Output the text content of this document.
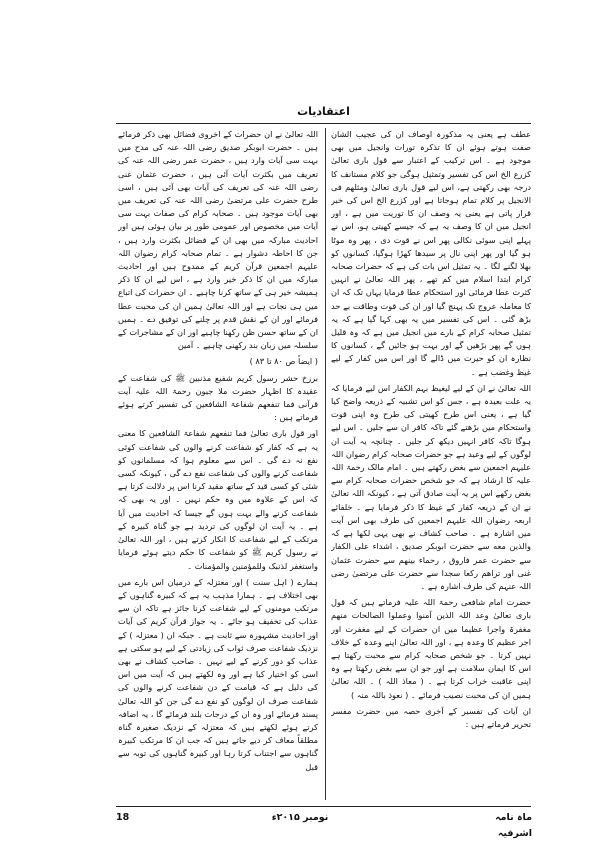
اعتقادیات

عطف ہے یعنی یہ مذکورہ اوصاف ان کی عجیب الشان صفت ہوتے ہوئے ان کا تذکرہ تورات وانجیل میں بھی موجود ہے ۔ اس ترکیب کے اعتبار سے قول باری تعالیٰ کزرع الخ اس کی تفسیر وتمثیل ہوگی جو کلام مستانف کا درجہ بھی رکھتی ہے، اس لیے قول باری تعالیٰ ومثلهم فی الانجیل پر کلام تمام ہوجاتا ہے اور کزرع الخ اس کی خبر قرار پاتی ہے یعنی یہ وصف ان کا توریت میں ہے ، اور انجیل میں ان کا وصف یہ ہے کہ جیسے کھیتی ہو، اس نے پہلے اپنی سوئی نکالی پھر اس نے قوت دی ، پھر وہ موٹا ہو گیا اور پھر اپنی نال پر سیدھا کھڑا ہوگیا، کسانوں کو بھلا لگنے لگا ۔ یہ تمثیل اس بات کی ہے کہ حضرات صحابہ کرام ابتدا اسلام میں کم تھے ، پھر اللہ تعالیٰ نے انہیں کثرت عطا فرمائی اور استحکام عطا فرمایا یہاں تک کہ ان کا معاملہ عروج تک پہنچ گیا اور ان کی قوت وطاقت بے حد بڑھ گئی ۔ اس کی تفسیر میں یہ بھی کہا گیا ہے کہ یہ تمثیل صحابہ کرام کے بارے میں انجیل میں ہے کہ وہ قلیل ہوں گے پھر بڑھیں گے اور بہت ہو جائیں گے ، کسانوں کا نظارہ ان کو حیرت میں ڈالے گا اور اس میں کفار کے لیے غیظ وغضب ہے ۔

اللہ تعالیٰ نے ان کے لیے لیغیظ بہم الکفار اس لیے فرمایا کہ یہ علت بعیدہ ہے ، جس کو اس تشبیہ کے ذریعہ واضح کیا گیا ہے ، یعنی اس طرح کھیتی کی طرح وہ اپنی قوت واستحکام میں بڑھتے گئے تاکہ کافر ان سے جلیں ۔ اس لیے ہوگا تاکہ کافر انہیں دیکھ کر جلیں ۔ چنانچہ یہ آیت ان لوگوں کے لیے وعید ہے جو حضرات صحابہ کرام رضوان اللہ علیہم اجمعین سے بغض رکھتے ہیں ۔ امام مالک رحمۃ اللہ علیہ کا ارشاد ہے کہ جو شخص حضرات صحابہ کرام سے بغض رکھے اس پر یہ آیت صادق آتی ہے ، کیونکہ اللہ تعالیٰ نے ان کے ذریعہ کفار کے غیظ کا ذکر فرمایا ہے ۔ خلفائے اربعہ رضوان اللہ علیہم اجمعین کی طرف بھی اس آیت میں اشارہ ہے ۔ صاحب کشاف نے بھی یہی لکھا ہے کہ والذین معه سے حضرت ابوبکر صدیق ، اشداء علی الکفار سے حضرت عمر فاروق ، رحماء بینهم سے حضرت عثمان غنی اور تراهم رکعا سجدا سے حضرت علی مرتضیٰ رضی اللہ عنہم کی طرف اشارہ ہے ۔

حضرت امام شافعی رحمۃ اللہ علیہ فرماتے ہیں کہ قول باری تعالیٰ وعد اللہ الذین آمنوا وعملوا الصالحات منهم مغفرۃ واجرا عظیما میں ان حضرات کے لیے مغفرت اور اجر عظیم کا وعدہ ہے ، اور اللہ تعالیٰ اپنے وعدہ کے خلاف نہیں کرتا ۔ جو شخص صحابہ کرام سے محبت رکھتا ہے اس کا ایمان سلامت ہے اور جو ان سے بغض رکھتا ہے وہ اپنی عاقبت خراب کرتا ہے ۔ ( معاذ اللہ ) ۔ اللہ تعالیٰ ہمیں ان کی محبت نصیب فرمائے ۔ ( نعوذ باللہ منہ )

ان آیات کی تفسیر کے آخری حصہ میں حضرت مفسر تحریر فرماتے ہیں :

اللہ تعالیٰ نے ان حضرات کے اخروی فضائل بھی ذکر فرمائے ہیں ۔ حضرت ابوبکر صدیق رضی اللہ عنہ کی مدح میں بہت سی آیات وارد ہیں ، حضرت عمر رضی اللہ عنہ کی تعریف میں بکثرت آیات آئی ہیں ، حضرت عثمان غنی رضی اللہ عنہ کی تعریف کی آیات بھی آئی ہیں ، اسی طرح حضرت علی مرتضیٰ رضی اللہ عنہ کی تعریف میں بھی آیات موجود ہیں ۔ صحابہ کرام کی صفات بہت سی آیات میں مخصوص اور عمومی طور پر بیان ہوئی ہیں اور احادیث مبارکہ میں بھی ان کے فضائل بکثرت وارد ہیں ، جن کا احاطہ دشوار ہے ۔ تمام صحابہ کرام رضوان اللہ علیہم اجمعین قرآن کریم کے ممدوح ہیں اور احادیث مبارکہ میں ان کا ذکر خیر وارد ہے ، اس لیے ان کا ذکر ہمیشہ خیر ہی کے ساتھ کرنا چاہیے ۔ ان حضرات کی اتباع میں ہی نجات ہے اور اللہ تعالیٰ ہمیں ان کی محبت عطا فرمائے اور ان کے نقش قدم پر چلنے کی توفیق دے ۔ ہمیں ان کے ساتھ حسن ظن رکھنا چاہیے اور ان کے مشاجرات کے سلسلہ میں زبان بند رکھنی چاہیے ۔ آمین

( ایضاً ص ٨٠ تا ٨٣ )

برزخ حشر رسول کریم شفیع مذنبین ﷺ کی شفاعت کے عقیدہ کا اظہار حضرت ملا جیون رحمۃ اللہ علیہ آیت قرآنی فما تنفعهم شفاعۃ الشافعین کی تفسیر کرتے ہوئے فرماتے ہیں :

اور قول باری تعالیٰ فما تنفعهم شفاعۃ الشافعین کا معنی یہ ہے کہ کفار کو شفاعت کرنے والوں کی شفاعت کوئی نفع نہ دے گی ۔ اس سے معلوم ہوا کہ مسلمانوں کو شفاعت کرنے والوں کی شفاعت نفع دے گی ، کیونکہ کسی شئی کو کسی قید کے ساتھ مقید کرنا اس پر دلالت کرتا ہے کہ اس کے علاوہ میں وہ حکم نہیں ۔ اور یہ بھی کہ شفاعت کرنے والے بہت ہوں گے جیسا کہ احادیث میں آیا ہے ۔ یہ آیت ان لوگوں کی تردید ہے جو گناہ کبیرہ کے مرتکب کے لیے شفاعت کا انکار کرتے ہیں ، اور اللہ تعالیٰ نے رسول کریم ﷺ کو شفاعت کا حکم دیتے ہوئے فرمایا واستغفر لذنبک وللمؤمنین والمؤمنات ۔

ہمارے ( اہل سنت ) اور معتزلہ کے درمیان اس بارے میں بھی اختلاف ہے ۔ ہمارا مذہب یہ ہے کہ کبیرہ گناہوں کے مرتکب مومنوں کے لیے شفاعت کرنا جائز ہے تاکہ ان سے عذاب کی تخفیف ہو جائے ۔ یہ جواز قرآن کریم کی آیات اور احادیث مشہورہ سے ثابت ہے ۔ جبکہ ان ( معتزلہ ) کے نزدیک شفاعت صرف ثواب کی زیادتی کے لیے ہو سکتی ہے عذاب کو دور کرنے کے لیے نہیں ۔ صاحب کشاف نے بھی اسی کو اختیار کیا ہے اور وہ لکھتے ہیں کہ آیت میں اس کی دلیل ہے کہ قیامت کے دن شفاعت کرنے والوں کی شفاعت صرف ان لوگوں کو نفع دے گی جن کو اللہ تعالیٰ پسند فرمائے اور وہ ان کے درجات بلند فرمائے گا ، یہ اضافہ کرتے ہوئے لکھتے ہیں کہ معتزلہ کے نزدیک صغیرہ گناہ مطلقاً معاف کر دیے جاتے ہیں کہ جب ان کا مرتکب کبیرہ گناہوں سے اجتناب کرتا رہا اور کبیرہ گناہوں کی توبہ سے قبل

ماہ نامہ اشرفیہ
نومبر ۲۰۱۵ء
18
